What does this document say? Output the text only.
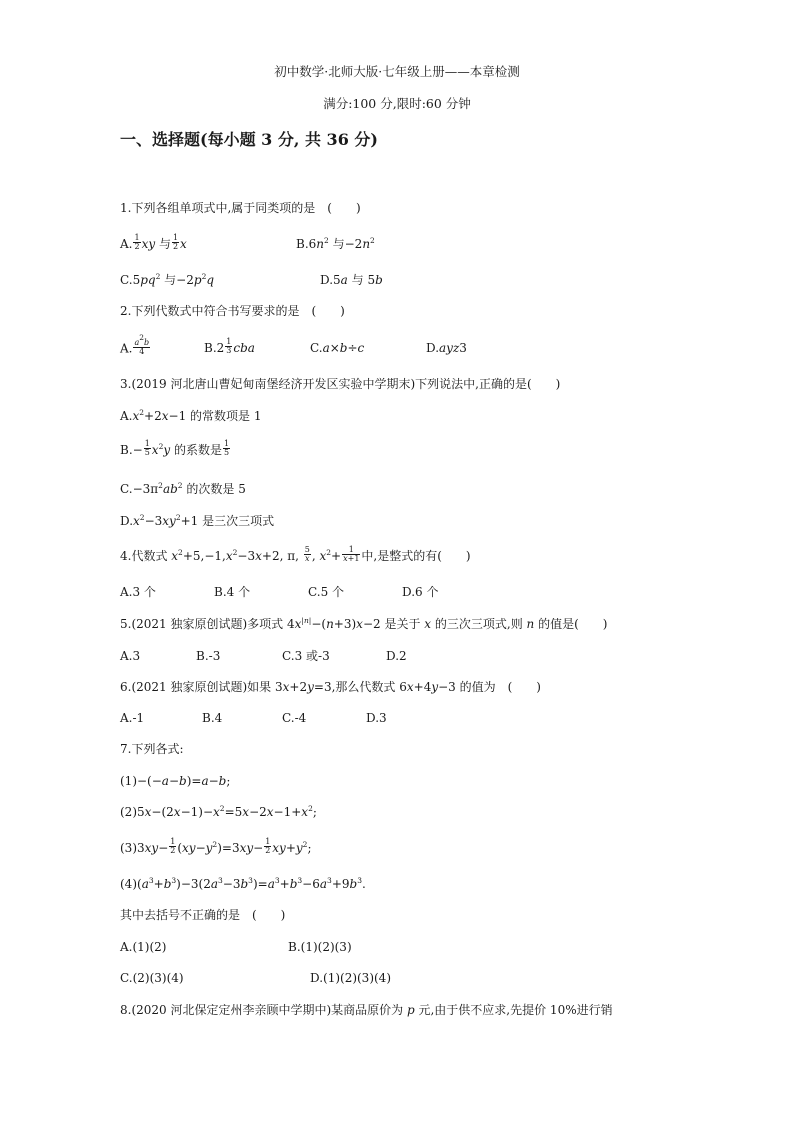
初中数学·北师大版·七年级上册——本章检测
满分:100 分,限时:60 分钟
一、选择题(每小题 3 分, 共 36 分)
1.下列各组单项式中,属于同类项的是　(　　)
A. $\frac{1}{2}$ xy 与 $\frac{1}{2}$ x	$B.6n^2$ 与$-2n^2$
$C.5pq^2$ 与$-2p^2q$	D.5a 与 5b
2.下列代数式中符合书写要求的是　(　　)
A. $\frac{a^2b}{4}$	$B.2 \frac{1}{3}$ cba	C.a×b÷c	D.ayz3
3.(2019 河北唐山曹妃甸南堡经济开发区实验中学期末)下列说法中,正确的是(　　)
$A.x^2+2x-1$ 的常数项是 1
$B.- \frac{1}{5} x^2y$ 的系数是 $\frac{1}{5}$
$C.-3\pi^2ab^2$ 的次数是 5
$D.x^2-3xy^2+1$ 是三次三项式
4.代数式 $x^2+5,-1,x^2-3x+2$, π, $\frac{5}{x}$ , $x^2+ \frac{1}{x+1}$ 中,是整式的有(　　)
A.3 个	B.4 个	C.5 个	D.6 个
5.(2021 独家原创试题)多项式 $4x^{|n|}-(n+3)x-2$ 是关于 x 的三次三项式,则 n 的值是(　　)
A.3	B.-3	C.3 或-3	D.2
6.(2021 独家原创试题)如果 3x+2y=3,那么代数式 6x+4y−3 的值为　(　　)
A.-1	B.4	C.-4	D.3
7.下列各式:
(1)−(−a−b)=a−b;
$(2)5x-(2x-1)-x^2=5x-2x-1+x^2$;
$(3)3xy- \frac{1}{2} (xy-y^2)=3xy- \frac{1}{2} xy+y^2$;
$(4)(a^3+b^3)-3(2a^3-3b^3)=a^3+b^3-6a^3+9b^3$.
其中去括号不正确的是　(　　)
A.(1)(2)	B.(1)(2)(3)
C.(2)(3)(4)	D.(1)(2)(3)(4)
8.(2020 河北保定定州李亲顾中学期中)某商品原价为 p 元,由于供不应求,先提价 10%进行销
